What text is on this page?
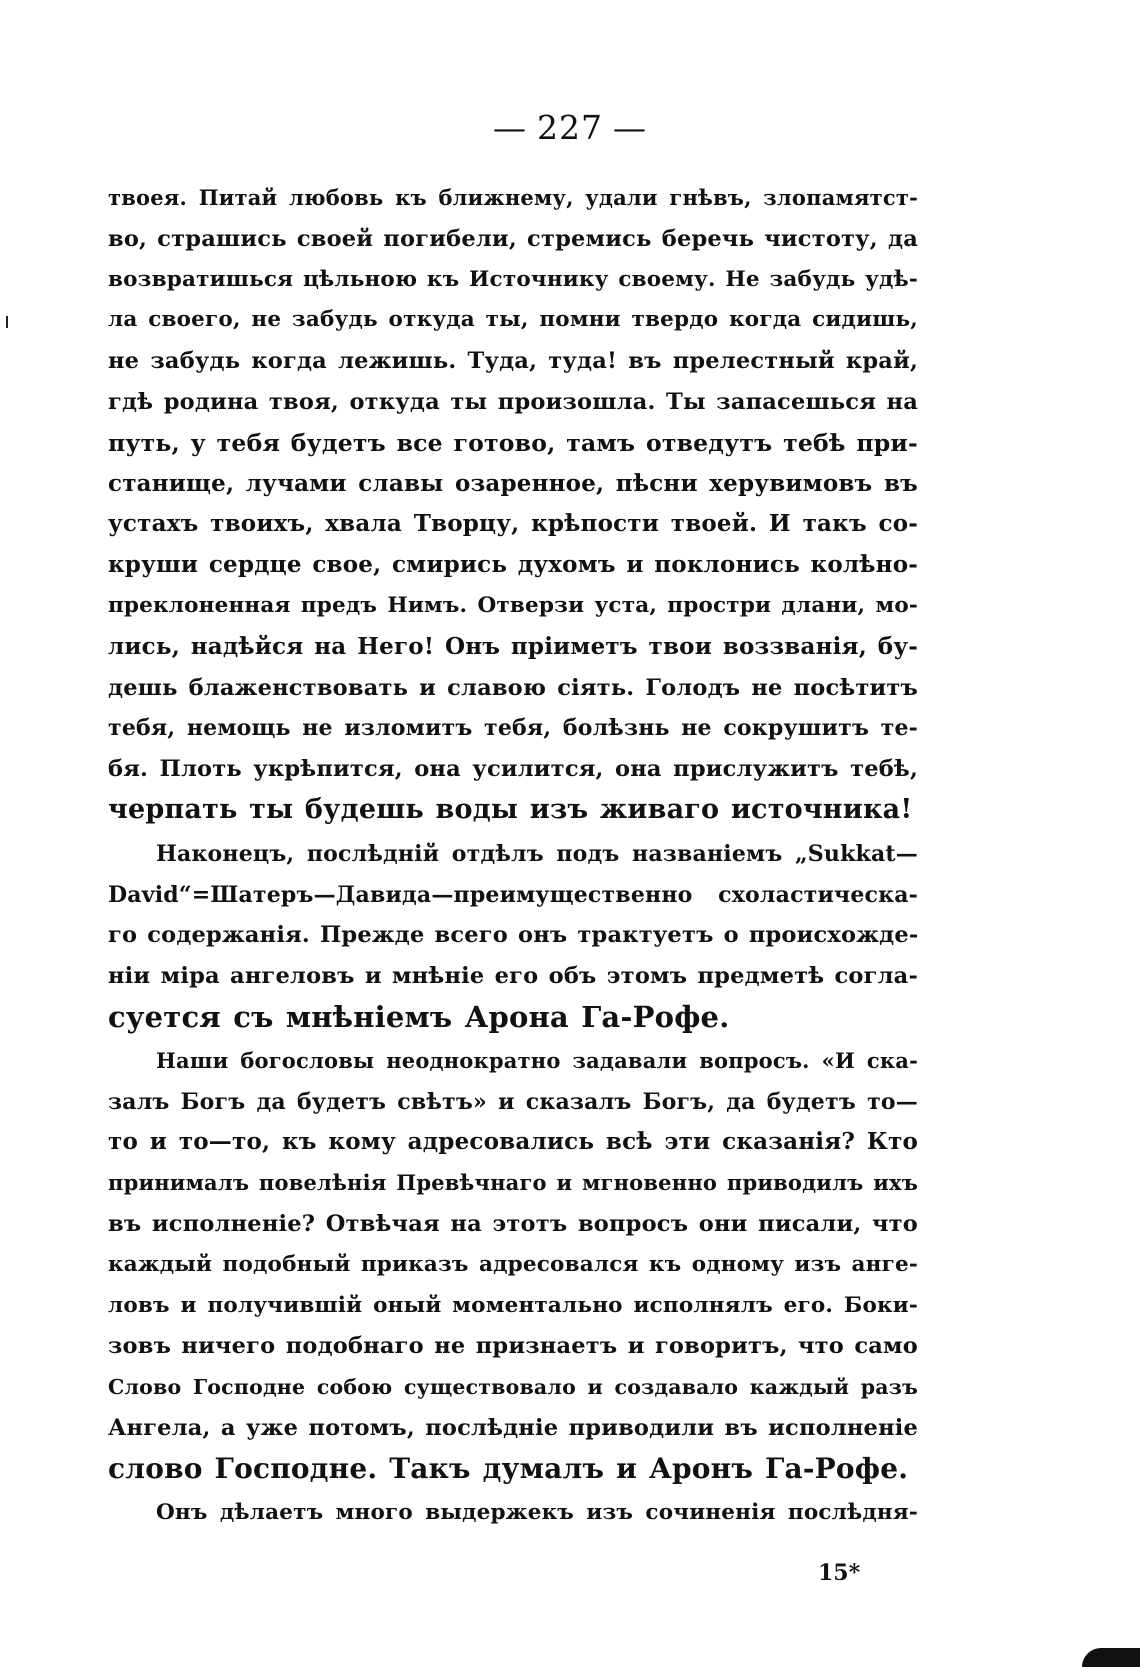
— 227 —
твоея. Питай любовь къ ближнему, удали гнѣвъ, злопамятст-
во, страшись своей погибели, стремись беречь чистоту, да
возвратишься цѣльною къ Источнику своему. Не забудь удѣ-
ла своего, не забудь откуда ты, помни твердо когда сидишь,
не забудь когда лежишь. Туда, туда! въ прелестный край,
гдѣ родина твоя, откуда ты произошла. Ты запасешься на
путь, у тебя будетъ все готово, тамъ отведутъ тебѣ при-
станище, лучами славы озаренное, пѣсни херувимовъ въ
устахъ твоихъ, хвала Творцу, крѣпости твоей. И такъ со-
круши сердце свое, смирись духомъ и поклонись колѣно-
преклоненная предъ Нимъ. Отверзи уста, простри длани, мо-
лись, надѣйся на Него! Онъ пріиметъ твои воззванія, бу-
дешь блаженствовать и славою сіять. Голодъ не посѣтитъ
тебя, немощь не изломитъ тебя, болѣзнь не сокрушитъ те-
бя. Плоть укрѣпится, она усилится, она прислужитъ тебѣ,
черпать ты будешь воды изъ живаго источника!
Наконецъ, послѣдній отдѣлъ подъ названіемъ „Sukkat—
David“=Шатеръ—Давида—преимущественно схоластическа-
го содержанія. Прежде всего онъ трактуетъ о происхожде-
ніи міра ангеловъ и мнѣніе его объ этомъ предметѣ согла-
суется съ мнѣніемъ Арона Га-Рофе.
Наши богословы неоднократно задавали вопросъ. «И ска-
залъ Богъ да будетъ свѣтъ» и сказалъ Богъ, да будетъ то—
то и то—то, къ кому адресовались всѣ эти сказанія? Кто
принималъ повелѣнія Превѣчнаго и мгновенно приводилъ ихъ
въ исполненіе? Отвѣчая на этотъ вопросъ они писали, что
каждый подобный приказъ адресовался къ одному изъ анге-
ловъ и получившій оный моментально исполнялъ его. Боки-
зовъ ничего подобнаго не признаетъ и говоритъ, что само
Слово Господне собою существовало и создавало каждый разъ
Ангела, а уже потомъ, послѣдніе приводили въ исполненіе
слово Господне. Такъ думалъ и Аронъ Га-Рофе.
Онъ дѣлаетъ много выдержекъ изъ сочиненія послѣдня-
15*
